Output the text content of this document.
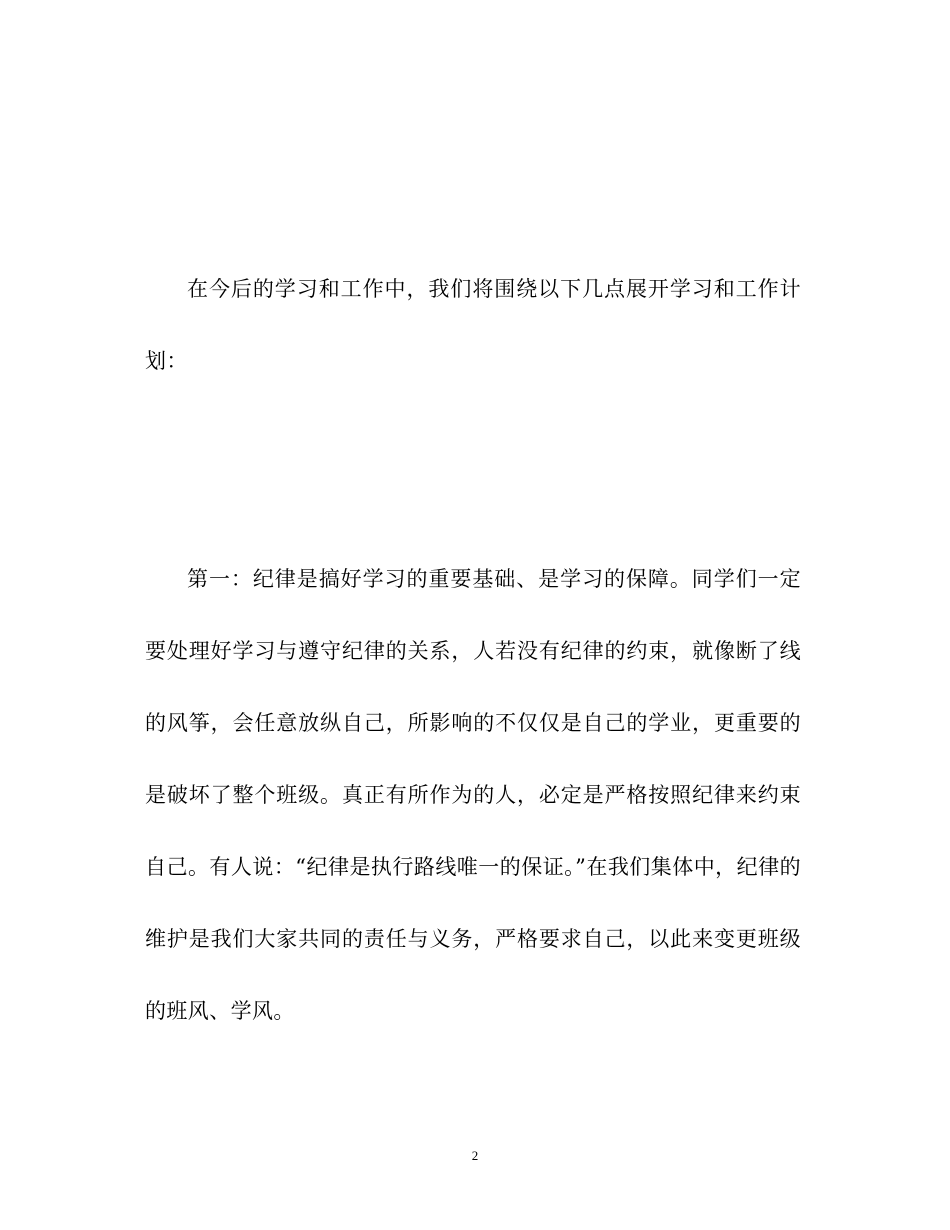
在今后的学习和工作中，我们将围绕以下几点展开学习和工作计划：

第一：纪律是搞好学习的重要基础、是学习的保障。同学们一定要处理好学习与遵守纪律的关系，人若没有纪律的约束，就像断了线的风筝，会任意放纵自己，所影响的不仅仅是自己的学业，更重要的是破坏了整个班级。真正有所作为的人，必定是严格按照纪律来约束自己。有人说：“纪律是执行路线唯一的保证。”在我们集体中，纪律的维护是我们大家共同的责任与义务，严格要求自己，以此来变更班级的班风、学风。

2
